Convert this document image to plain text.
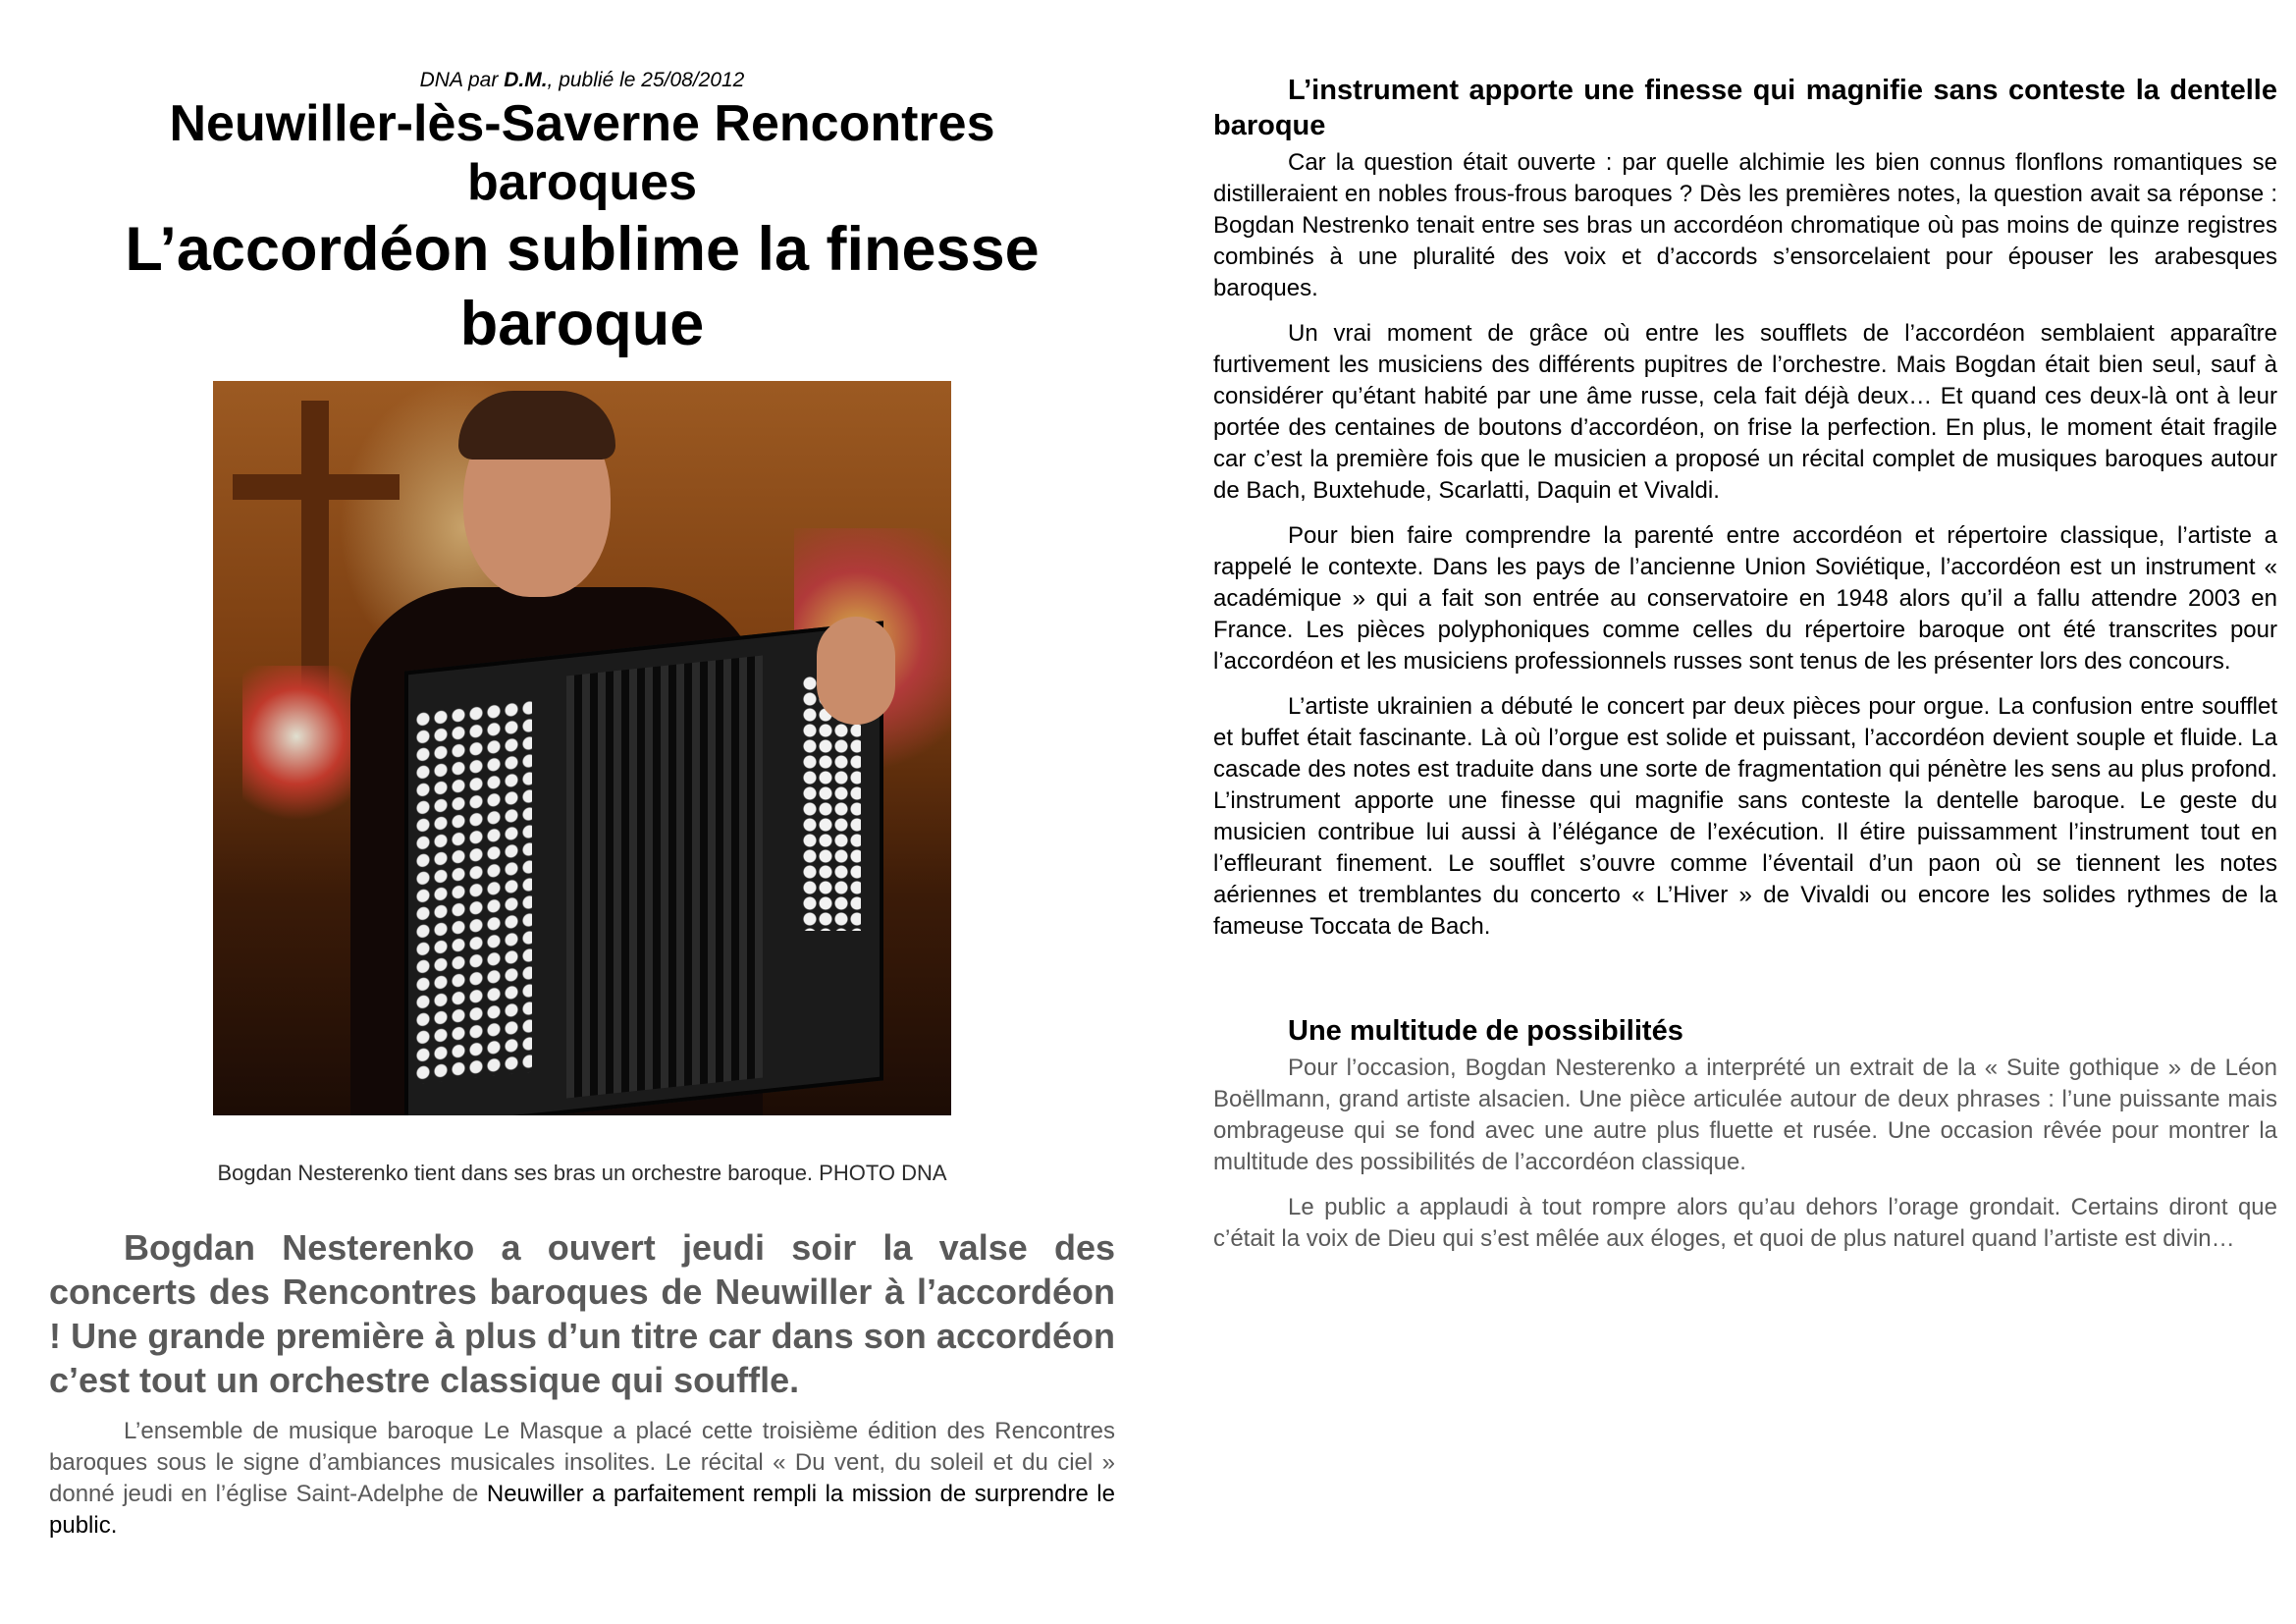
DNA par D.M., publié le 25/08/2012

Neuwiller-lès-Saverne Rencontres baroques
L’accordéon sublime la finesse baroque

Bogdan Nesterenko tient dans ses bras un orchestre baroque. PHOTO DNA

Bogdan Nesterenko a ouvert jeudi soir la valse des concerts des Rencontres baroques de Neuwiller à l’accordéon ! Une grande première à plus d’un titre car dans son accordéon c’est tout un orchestre classique qui souffle.

L’ensemble de musique baroque Le Masque a placé cette troisième édition des Rencontres baroques sous le signe d’ambiances musicales insolites. Le récital « Du vent, du soleil et du ciel » donné jeudi en l’église Saint-Adelphe de Neuwiller a parfaitement rempli la mission de surprendre le public.

L’instrument apporte une finesse qui magnifie sans conteste la dentelle baroque

Car la question était ouverte : par quelle alchimie les bien connus flonflons romantiques se distilleraient en nobles frous-frous baroques ? Dès les premières notes, la question avait sa réponse : Bogdan Nestrenko tenait entre ses bras un accordéon chromatique où pas moins de quinze registres combinés à une pluralité des voix et d’accords s’ensorcelaient pour épouser les arabesques baroques.

Un vrai moment de grâce où entre les soufflets de l’accordéon semblaient apparaître furtivement les musiciens des différents pupitres de l’orchestre. Mais Bogdan était bien seul, sauf à considérer qu’étant habité par une âme russe, cela fait déjà deux… Et quand ces deux-là ont à leur portée des centaines de boutons d’accordéon, on frise la perfection. En plus, le moment était fragile car c’est la première fois que le musicien a proposé un récital complet de musiques baroques autour de Bach, Buxtehude, Scarlatti, Daquin et Vivaldi.

Pour bien faire comprendre la parenté entre accordéon et répertoire classique, l’artiste a rappelé le contexte. Dans les pays de l’ancienne Union Soviétique, l’accordéon est un instrument « académique » qui a fait son entrée au conservatoire en 1948 alors qu’il a fallu attendre 2003 en France. Les pièces polyphoniques comme celles du répertoire baroque ont été transcrites pour l’accordéon et les musiciens professionnels russes sont tenus de les présenter lors des concours.

L’artiste ukrainien a débuté le concert par deux pièces pour orgue. La confusion entre soufflet et buffet était fascinante. Là où l’orgue est solide et puissant, l’accordéon devient souple et fluide. La cascade des notes est traduite dans une sorte de fragmentation qui pénètre les sens au plus profond. L’instrument apporte une finesse qui magnifie sans conteste la dentelle baroque. Le geste du musicien contribue lui aussi à l’élégance de l’exécution. Il étire puissamment l’instrument tout en l’effleurant finement. Le soufflet s’ouvre comme l’éventail d’un paon où se tiennent les notes aériennes et tremblantes du concerto « L’Hiver » de Vivaldi ou encore les solides rythmes de la fameuse Toccata de Bach.

Une multitude de possibilités

Pour l’occasion, Bogdan Nesterenko a interprété un extrait de la « Suite gothique » de Léon Boëllmann, grand artiste alsacien. Une pièce articulée autour de deux phrases : l’une puissante mais ombrageuse qui se fond avec une autre plus fluette et rusée. Une occasion rêvée pour montrer la multitude des possibilités de l’accordéon classique.

Le public a applaudi à tout rompre alors qu’au dehors l’orage grondait. Certains diront que c’était la voix de Dieu qui s’est mêlée aux éloges, et quoi de plus naturel quand l’artiste est divin…
